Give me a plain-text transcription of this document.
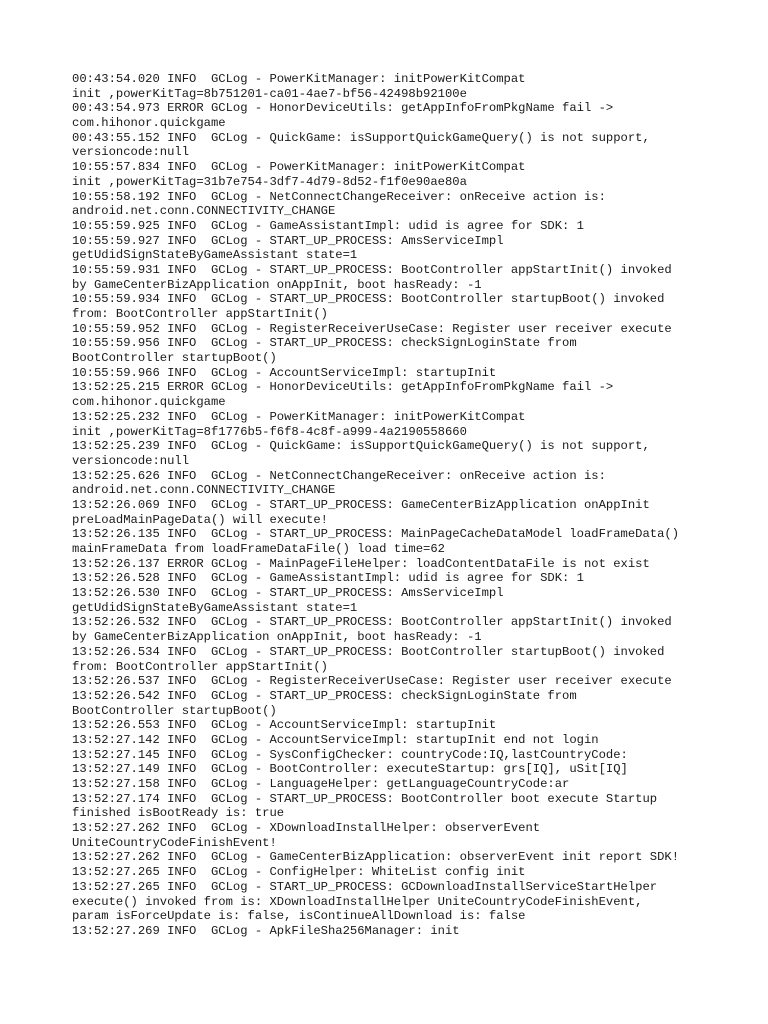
00:43:54.020 INFO  GCLog - PowerKitManager: initPowerKitCompat
init ,powerKitTag=8b751201-ca01-4ae7-bf56-42498b92100e
00:43:54.973 ERROR GCLog - HonorDeviceUtils: getAppInfoFromPkgName fail ->
com.hihonor.quickgame
00:43:55.152 INFO  GCLog - QuickGame: isSupportQuickGameQuery() is not support,
versioncode:null
10:55:57.834 INFO  GCLog - PowerKitManager: initPowerKitCompat
init ,powerKitTag=31b7e754-3df7-4d79-8d52-f1f0e90ae80a
10:55:58.192 INFO  GCLog - NetConnectChangeReceiver: onReceive action is:
android.net.conn.CONNECTIVITY_CHANGE
10:55:59.925 INFO  GCLog - GameAssistantImpl: udid is agree for SDK: 1
10:55:59.927 INFO  GCLog - START_UP_PROCESS: AmsServiceImpl
getUdidSignStateByGameAssistant state=1
10:55:59.931 INFO  GCLog - START_UP_PROCESS: BootController appStartInit() invoked
by GameCenterBizApplication onAppInit, boot hasReady: -1
10:55:59.934 INFO  GCLog - START_UP_PROCESS: BootController startupBoot() invoked
from: BootController appStartInit()
10:55:59.952 INFO  GCLog - RegisterReceiverUseCase: Register user receiver execute
10:55:59.956 INFO  GCLog - START_UP_PROCESS: checkSignLoginState from
BootController startupBoot()
10:55:59.966 INFO  GCLog - AccountServiceImpl: startupInit
13:52:25.215 ERROR GCLog - HonorDeviceUtils: getAppInfoFromPkgName fail ->
com.hihonor.quickgame
13:52:25.232 INFO  GCLog - PowerKitManager: initPowerKitCompat
init ,powerKitTag=8f1776b5-f6f8-4c8f-a999-4a2190558660
13:52:25.239 INFO  GCLog - QuickGame: isSupportQuickGameQuery() is not support,
versioncode:null
13:52:25.626 INFO  GCLog - NetConnectChangeReceiver: onReceive action is:
android.net.conn.CONNECTIVITY_CHANGE
13:52:26.069 INFO  GCLog - START_UP_PROCESS: GameCenterBizApplication onAppInit
preLoadMainPageData() will execute!
13:52:26.135 INFO  GCLog - START_UP_PROCESS: MainPageCacheDataModel loadFrameData()
mainFrameData from loadFrameDataFile() load time=62
13:52:26.137 ERROR GCLog - MainPageFileHelper: loadContentDataFile is not exist
13:52:26.528 INFO  GCLog - GameAssistantImpl: udid is agree for SDK: 1
13:52:26.530 INFO  GCLog - START_UP_PROCESS: AmsServiceImpl
getUdidSignStateByGameAssistant state=1
13:52:26.532 INFO  GCLog - START_UP_PROCESS: BootController appStartInit() invoked
by GameCenterBizApplication onAppInit, boot hasReady: -1
13:52:26.534 INFO  GCLog - START_UP_PROCESS: BootController startupBoot() invoked
from: BootController appStartInit()
13:52:26.537 INFO  GCLog - RegisterReceiverUseCase: Register user receiver execute
13:52:26.542 INFO  GCLog - START_UP_PROCESS: checkSignLoginState from
BootController startupBoot()
13:52:26.553 INFO  GCLog - AccountServiceImpl: startupInit
13:52:27.142 INFO  GCLog - AccountServiceImpl: startupInit end not login
13:52:27.145 INFO  GCLog - SysConfigChecker: countryCode:IQ,lastCountryCode:
13:52:27.149 INFO  GCLog - BootController: executeStartup: grs[IQ], uSit[IQ]
13:52:27.158 INFO  GCLog - LanguageHelper: getLanguageCountryCode:ar
13:52:27.174 INFO  GCLog - START_UP_PROCESS: BootController boot execute Startup
finished isBootReady is: true
13:52:27.262 INFO  GCLog - XDownloadInstallHelper: observerEvent
UniteCountryCodeFinishEvent!
13:52:27.262 INFO  GCLog - GameCenterBizApplication: observerEvent init report SDK!
13:52:27.265 INFO  GCLog - ConfigHelper: WhiteList config init
13:52:27.265 INFO  GCLog - START_UP_PROCESS: GCDownloadInstallServiceStartHelper
execute() invoked from is: XDownloadInstallHelper UniteCountryCodeFinishEvent,
param isForceUpdate is: false, isContinueAllDownload is: false
13:52:27.269 INFO  GCLog - ApkFileSha256Manager: init
